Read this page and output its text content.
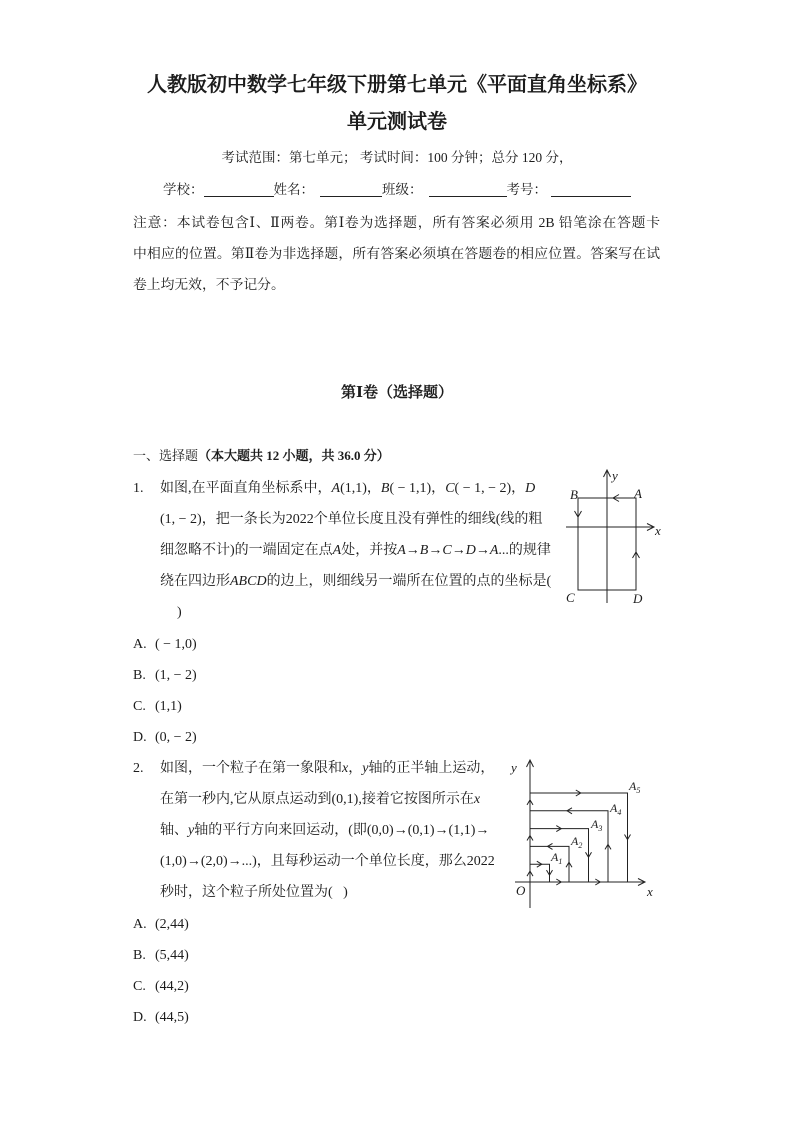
人教版初中数学七年级下册第七单元《平面直角坐标系》
单元测试卷
考试范围：第七单元； 考试时间：100 分钟；总分 120 分，
学校：	姓名：	班级：	考号：
注意：本试卷包含Ⅰ、Ⅱ两卷。第Ⅰ卷为选择题，所有答案必须用 2B 铅笔涂在答题卡
中相应的位置。第Ⅱ卷为非选择题，所有答案必须填在答题卷的相应位置。答案写在试
卷上均无效，不予记分。
第Ⅰ卷（选择题）
一、选择题（本大题共 12 小题，共 36.0 分）
1. 如图,在平面直角坐标系中，A(1,1)，B( − 1,1)，C( − 1, − 2)，D
(1, − 2)，把一条长为2022个单位长度且没有弹性的细线(线的粗
细忽略不计)的一端固定在点A处，并按A→B→C→D→A...的规律
绕在四边形ABCD的边上，则细线另一端所在位置的点的坐标是(
)
A. ( − 1,0)
B. (1, − 2)
C. (1,1)
D. (0, − 2)
2. 如图，一个粒子在第一象限和x，y轴的正半轴上运动，
在第一秒内,它从原点运动到(0,1),接着它按图所示在x
轴、y轴的平行方向来回运动，(即(0,0)→(0,1)→(1,1)→
(1,0)→(2,0)→...)，且每秒运动一个单位长度，那么2022
秒时，这个粒子所处位置为(   )
A. (2,44)
B. (5,44)
C. (44,2)
D. (44,5)
y
x
A
B
C	D
y
x
O
$A_1$
$A_2$
$A_3$
$A_4$
$A_5$
